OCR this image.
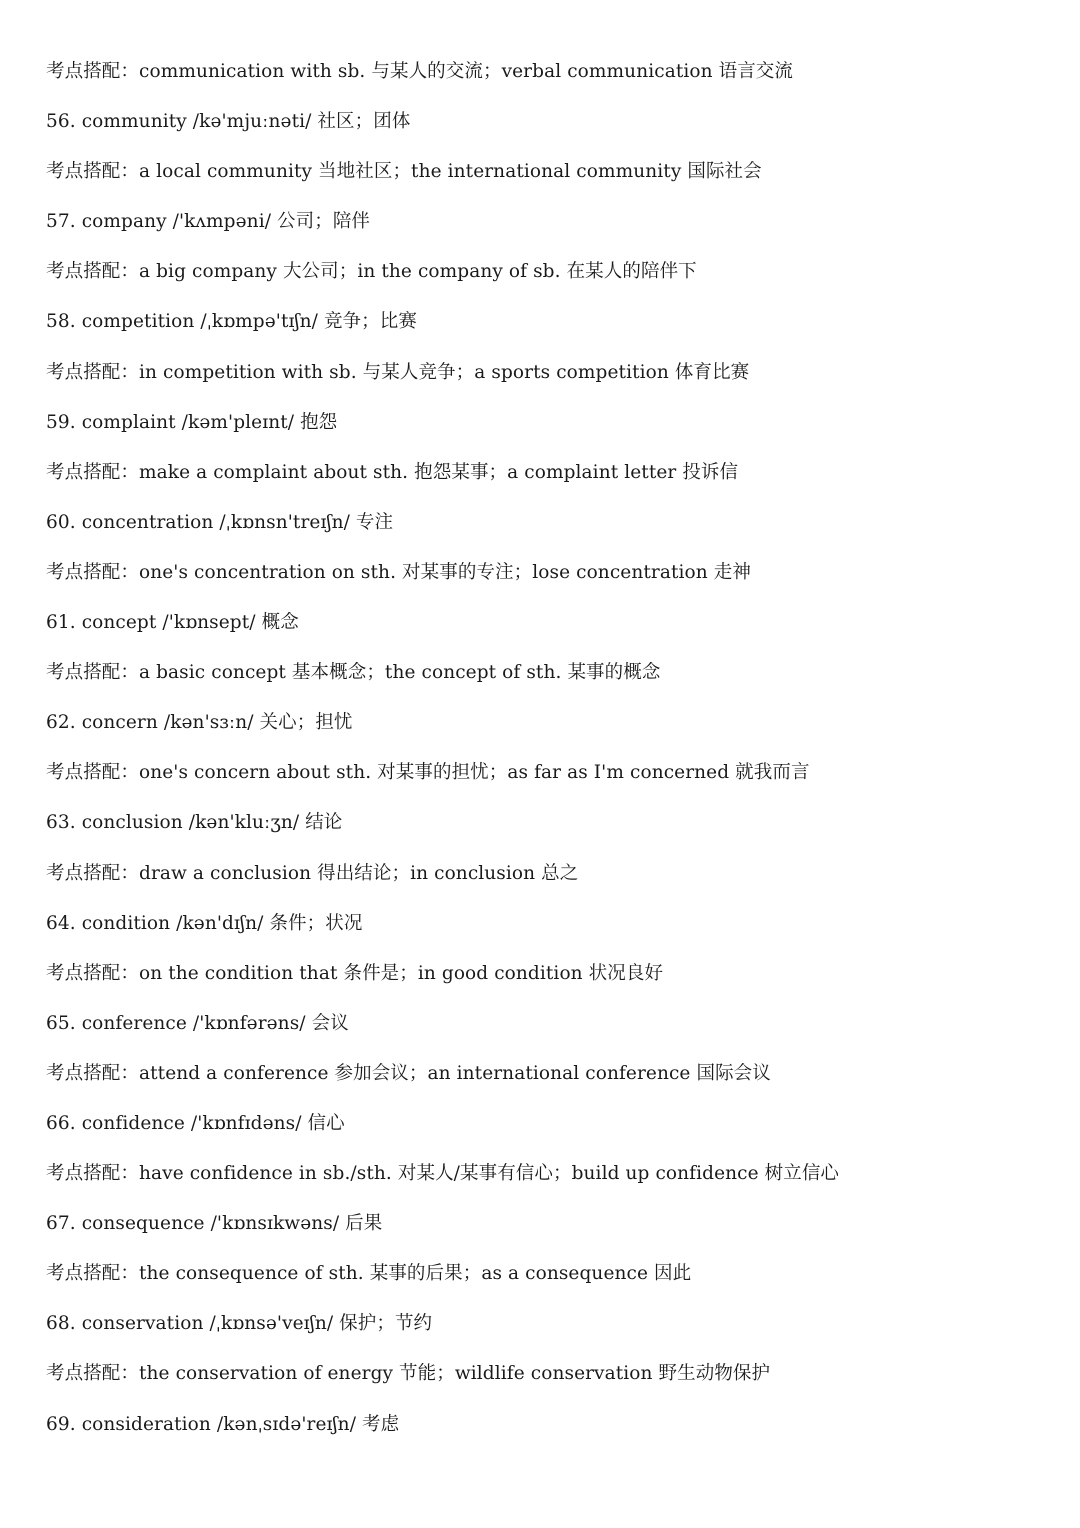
考点搭配：communication with sb. 与某人的交流；verbal communication 语言交流
56. community /kə'mjuːnəti/ 社区；团体
考点搭配：a local community 当地社区；the international community 国际社会
57. company /'kʌmpəni/ 公司；陪伴
考点搭配：a big company 大公司；in the company of sb. 在某人的陪伴下
58. competition /ˌkɒmpə'tɪʃn/ 竞争；比赛
考点搭配：in competition with sb. 与某人竞争；a sports competition 体育比赛
59. complaint /kəm'pleɪnt/ 抱怨
考点搭配：make a complaint about sth. 抱怨某事；a complaint letter 投诉信
60. concentration /ˌkɒnsn'treɪʃn/ 专注
考点搭配：one's concentration on sth. 对某事的专注；lose concentration 走神
61. concept /'kɒnsept/ 概念
考点搭配：a basic concept 基本概念；the concept of sth. 某事的概念
62. concern /kən'sɜːn/ 关心；担忧
考点搭配：one's concern about sth. 对某事的担忧；as far as I'm concerned 就我而言
63. conclusion /kən'kluːʒn/ 结论
考点搭配：draw a conclusion 得出结论；in conclusion 总之
64. condition /kən'dɪʃn/ 条件；状况
考点搭配：on the condition that 条件是；in good condition 状况良好
65. conference /'kɒnfərəns/ 会议
考点搭配：attend a conference 参加会议；an international conference 国际会议
66. confidence /'kɒnfɪdəns/ 信心
考点搭配：have confidence in sb./sth. 对某人/某事有信心；build up confidence 树立信心
67. consequence /'kɒnsɪkwəns/ 后果
考点搭配：the consequence of sth. 某事的后果；as a consequence 因此
68. conservation /ˌkɒnsə'veɪʃn/ 保护；节约
考点搭配：the conservation of energy 节能；wildlife conservation 野生动物保护
69. consideration /kənˌsɪdə'reɪʃn/ 考虑
